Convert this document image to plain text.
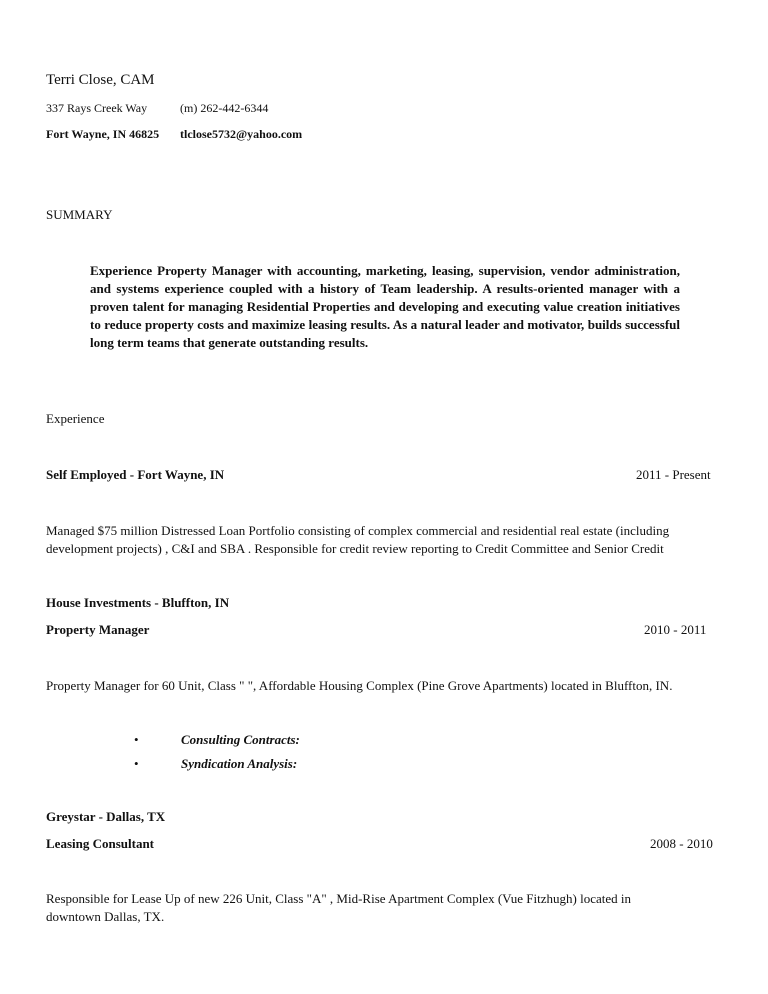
Terri Close, CAM
337 Rays Creek Way	(m) 262-442-6344
Fort Wayne, IN 46825 tlclose5732@yahoo.com
SUMMARY
Experience Property Manager with accounting, marketing, leasing, supervision, vendor administration, and systems experience coupled with a history of Team leadership. A results-oriented manager with a proven talent for managing Residential Properties and developing and executing value creation initiatives to reduce property costs and maximize leasing results. As a natural leader and motivator, builds successful long term teams that generate outstanding results.
Experience
Self Employed - Fort Wayne, IN	2011 - Present
Managed $75 million Distressed Loan Portfolio consisting of complex commercial and residential real estate (including development projects) , C&I and SBA . Responsible for credit review reporting to Credit Committee and Senior Credit
House Investments - Bluffton, IN
Property Manager	2010 - 2011
Property Manager for 60 Unit, Class " ", Affordable Housing Complex (Pine Grove Apartments) located in Bluffton, IN.
•	Consulting Contracts:
•	Syndication Analysis:
Greystar - Dallas, TX
Leasing Consultant	2008 - 2010
Responsible for Lease Up of new 226 Unit, Class "A" , Mid-Rise Apartment Complex (Vue Fitzhugh) located in downtown Dallas, TX.
